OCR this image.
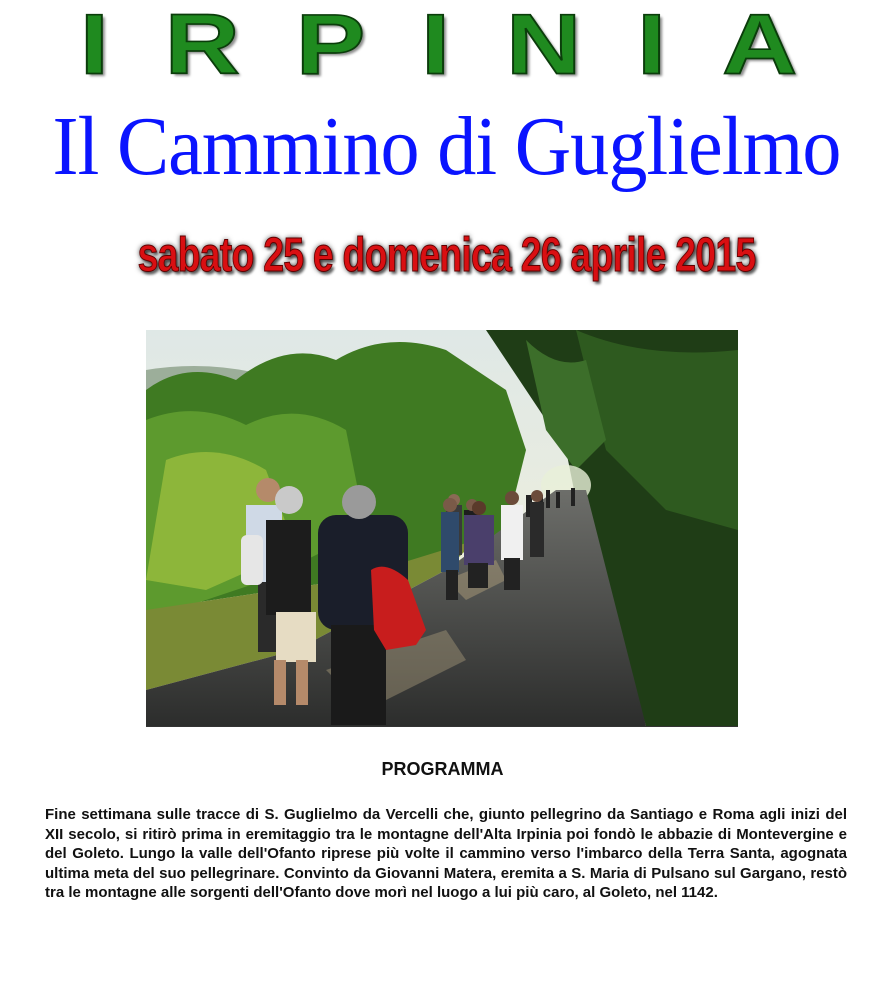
IRPINIA
Il Cammino di Guglielmo
sabato 25 e domenica 26 aprile 2015
PROGRAMMA
Fine settimana sulle tracce di S. Guglielmo da Vercelli che, giunto pellegrino da Santiago e Roma agli inizi del XII secolo, si ritirò prima in eremitaggio tra le montagne dell'Alta Irpinia poi fondò le abbazie di Montevergine e del Goleto. Lungo la valle dell'Ofanto riprese più volte il cammino verso l'imbarco della Terra Santa, agognata ultima meta del suo pellegrinare. Convinto da Giovanni Matera, eremita a S. Maria di Pulsano sul Gargano, restò tra le montagne alle sorgenti dell'Ofanto dove morì nel luogo a lui più caro, al Goleto, nel 1142.
